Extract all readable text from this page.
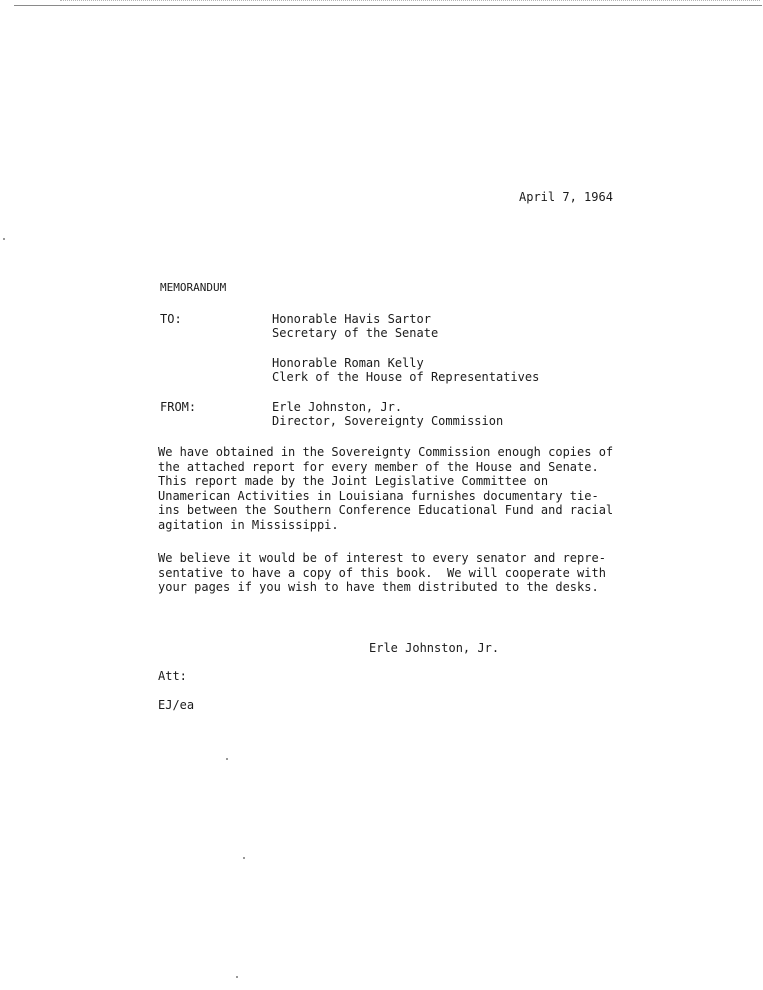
April 7, 1964
MEMORANDUM
TO:	Honorable Havis Sartor
Secretary of the Senate
Honorable Roman Kelly
Clerk of the House of Representatives
FROM:	Erle Johnston, Jr.
Director, Sovereignty Commission
We have obtained in the Sovereignty Commission enough copies of
the attached report for every member of the House and Senate.
This report made by the Joint Legislative Committee on
Unamerican Activities in Louisiana furnishes documentary tie-
ins between the Southern Conference Educational Fund and racial
agitation in Mississippi.
We believe it would be of interest to every senator and repre-
sentative to have a copy of this book.  We will cooperate with
your pages if you wish to have them distributed to the desks.
Erle Johnston, Jr.
Att:
EJ/ea
